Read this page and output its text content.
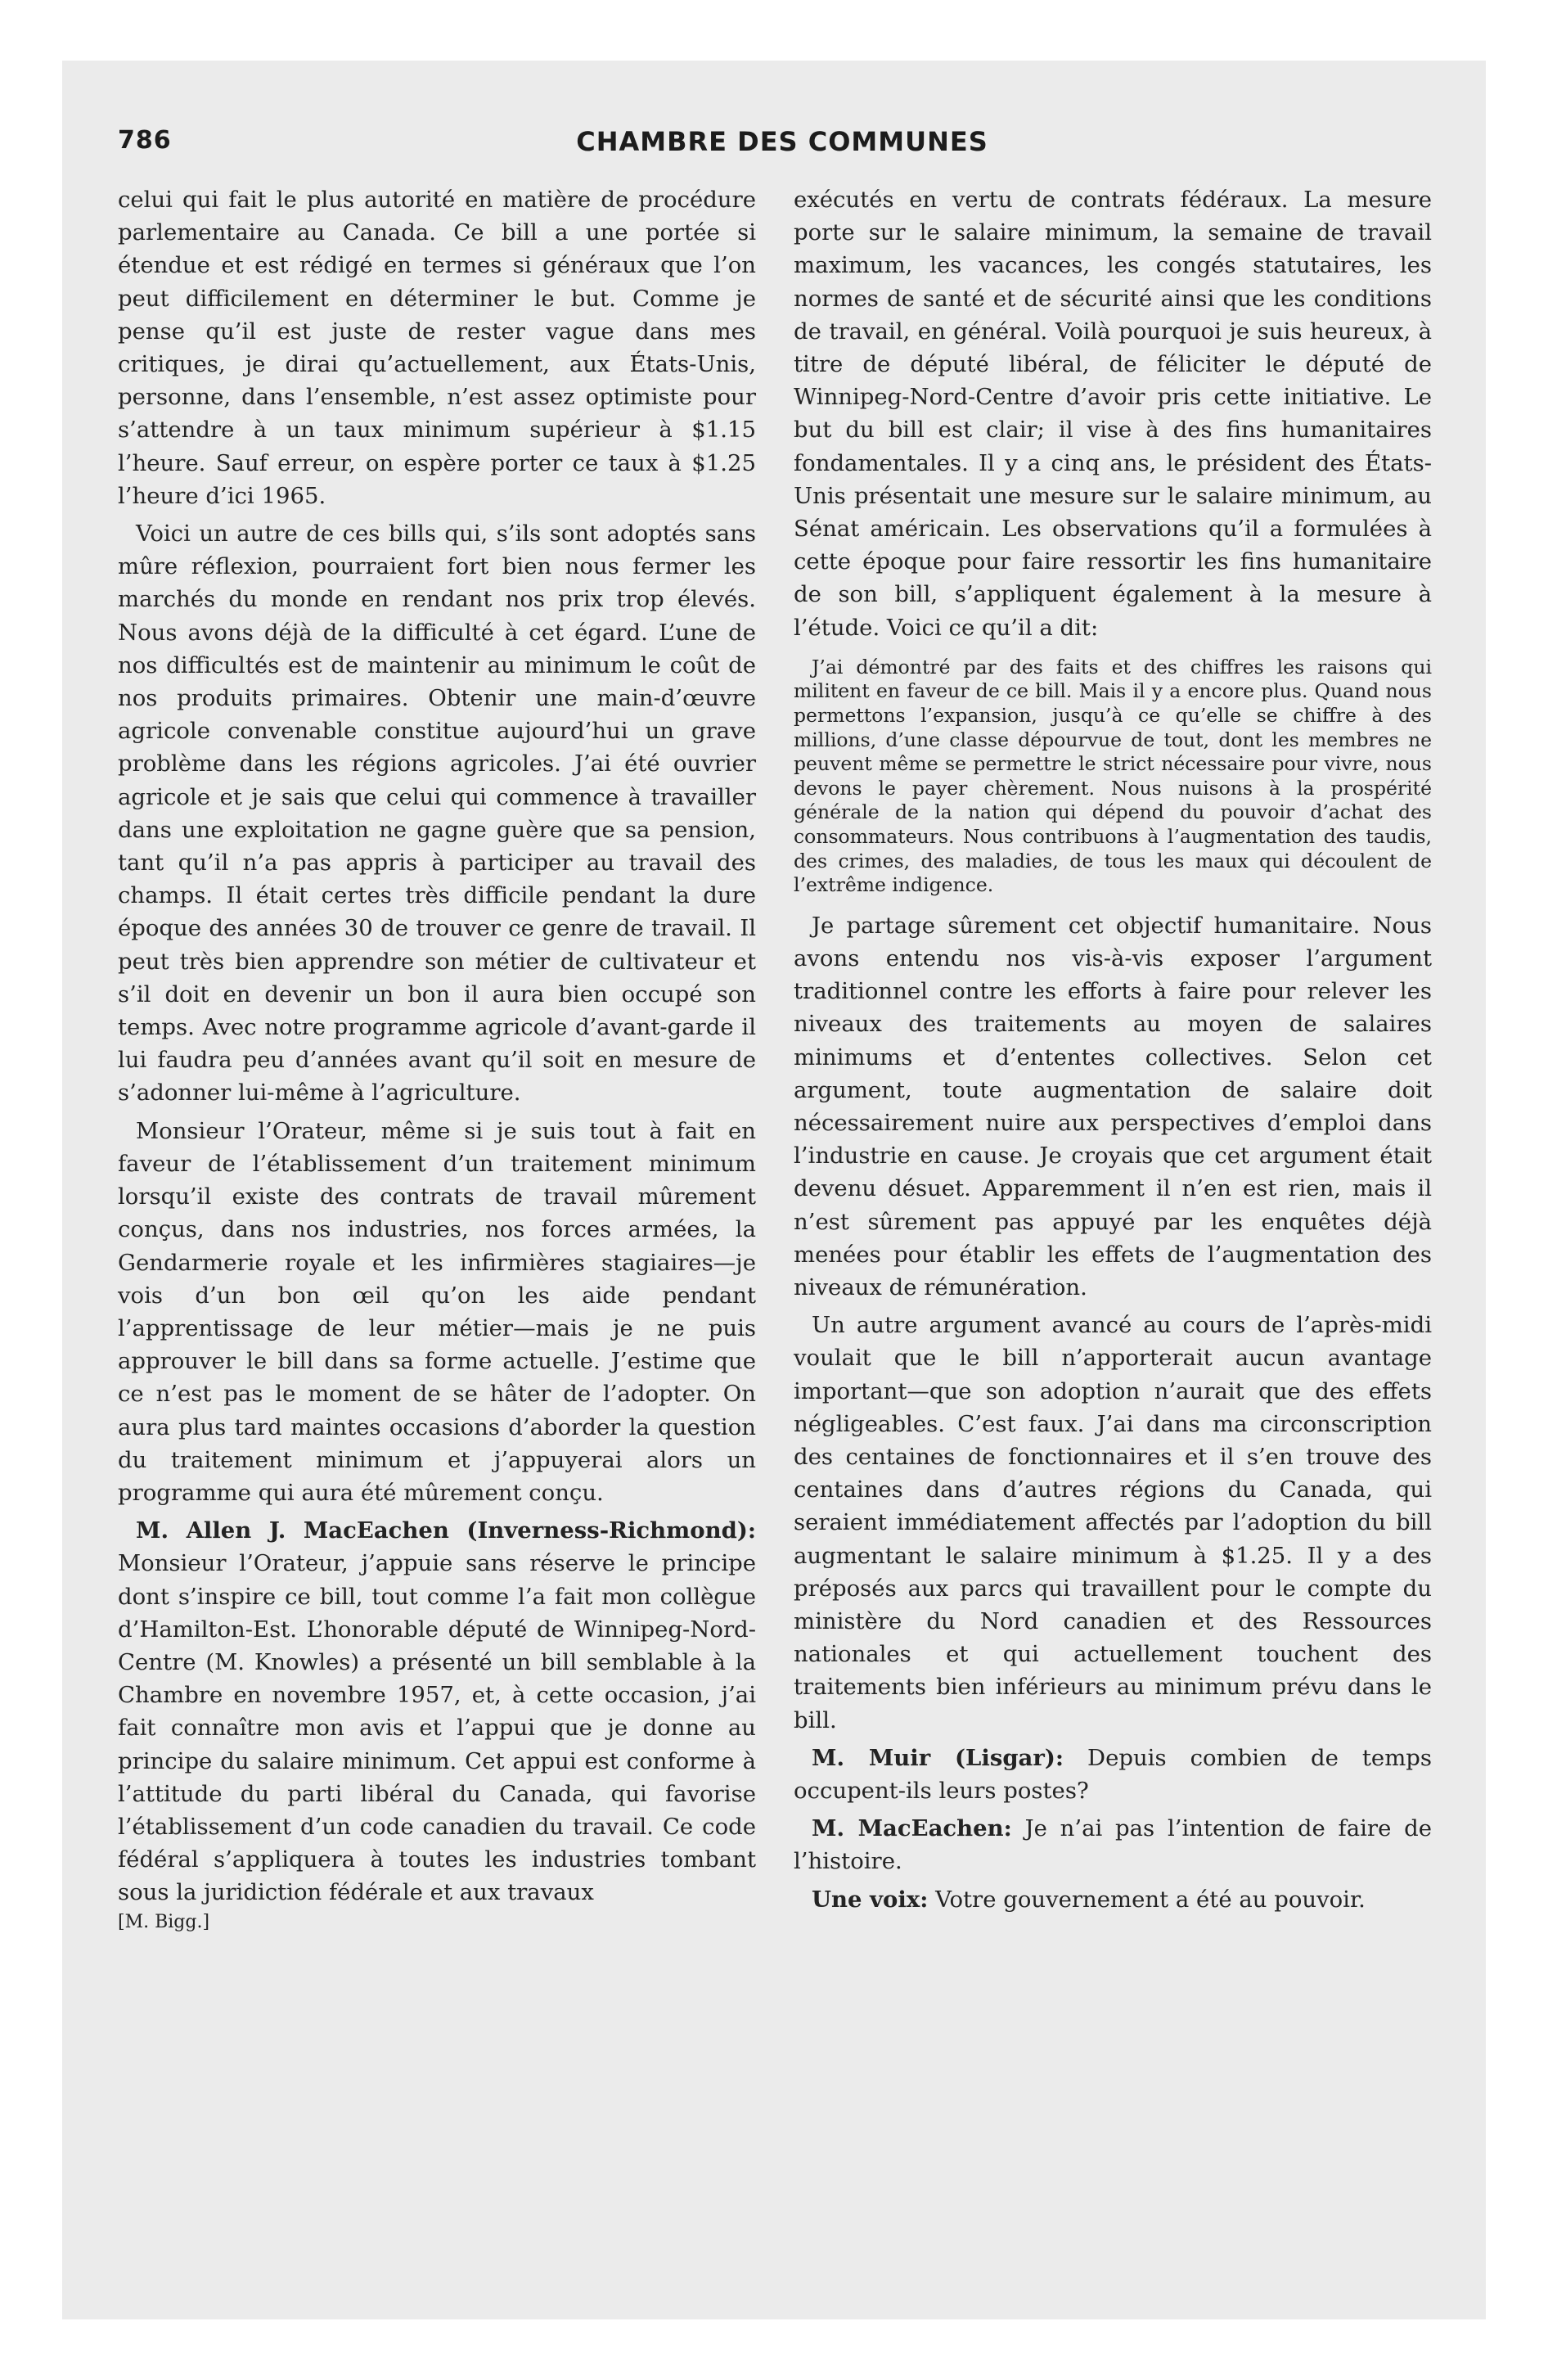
786	CHAMBRE DES COMMUNES

celui qui fait le plus autorité en matière de procédure parlementaire au Canada. Ce bill a une portée si étendue et est rédigé en termes si généraux que l’on peut difficilement en déterminer le but. Comme je pense qu’il est juste de rester vague dans mes critiques, je dirai qu’actuellement, aux États-Unis, personne, dans l’ensemble, n’est assez optimiste pour s’attendre à un taux minimum supérieur à $1.15 l’heure. Sauf erreur, on espère porter ce taux à $1.25 l’heure d’ici 1965.

Voici un autre de ces bills qui, s’ils sont adoptés sans mûre réflexion, pourraient fort bien nous fermer les marchés du monde en rendant nos prix trop élevés. Nous avons déjà de la difficulté à cet égard. L’une de nos difficultés est de maintenir au minimum le coût de nos produits primaires. Obtenir une main-d’œuvre agricole convenable constitue aujourd’hui un grave problème dans les régions agricoles. J’ai été ouvrier agricole et je sais que celui qui commence à travailler dans une exploitation ne gagne guère que sa pension, tant qu’il n’a pas appris à participer au travail des champs. Il était certes très difficile pendant la dure époque des années 30 de trouver ce genre de travail. Il peut très bien apprendre son métier de cultivateur et s’il doit en devenir un bon il aura bien occupé son temps. Avec notre programme agricole d’avant-garde il lui faudra peu d’années avant qu’il soit en mesure de s’adonner lui-même à l’agriculture.

Monsieur l’Orateur, même si je suis tout à fait en faveur de l’établissement d’un traitement minimum lorsqu’il existe des contrats de travail mûrement conçus, dans nos industries, nos forces armées, la Gendarmerie royale et les infirmières stagiaires—je vois d’un bon œil qu’on les aide pendant l’apprentissage de leur métier—mais je ne puis approuver le bill dans sa forme actuelle. J’estime que ce n’est pas le moment de se hâter de l’adopter. On aura plus tard maintes occasions d’aborder la question du traitement minimum et j’appuyerai alors un programme qui aura été mûrement conçu.

M. Allen J. MacEachen (Inverness-Richmond): Monsieur l’Orateur, j’appuie sans réserve le principe dont s’inspire ce bill, tout comme l’a fait mon collègue d’Hamilton-Est. L’honorable député de Winnipeg-Nord-Centre (M. Knowles) a présenté un bill semblable à la Chambre en novembre 1957, et, à cette occasion, j’ai fait connaître mon avis et l’appui que je donne au principe du salaire minimum. Cet appui est conforme à l’attitude du parti libéral du Canada, qui favorise l’établissement d’un code canadien du travail. Ce code fédéral s’appliquera à toutes les industries tombant sous la juridiction fédérale et aux travaux

[M. Bigg.]

exécutés en vertu de contrats fédéraux. La mesure porte sur le salaire minimum, la semaine de travail maximum, les vacances, les congés statutaires, les normes de santé et de sécurité ainsi que les conditions de travail, en général. Voilà pourquoi je suis heureux, à titre de député libéral, de féliciter le député de Winnipeg-Nord-Centre d’avoir pris cette initiative. Le but du bill est clair; il vise à des fins humanitaires fondamentales. Il y a cinq ans, le président des États-Unis présentait une mesure sur le salaire minimum, au Sénat américain. Les observations qu’il a formulées à cette époque pour faire ressortir les fins humanitaire de son bill, s’appliquent également à la mesure à l’étude. Voici ce qu’il a dit:

J’ai démontré par des faits et des chiffres les raisons qui militent en faveur de ce bill. Mais il y a encore plus. Quand nous permettons l’expansion, jusqu’à ce qu’elle se chiffre à des millions, d’une classe dépourvue de tout, dont les membres ne peuvent même se permettre le strict nécessaire pour vivre, nous devons le payer chèrement. Nous nuisons à la prospérité générale de la nation qui dépend du pouvoir d’achat des consommateurs. Nous contribuons à l’augmentation des taudis, des crimes, des maladies, de tous les maux qui découlent de l’extrême indigence.

Je partage sûrement cet objectif humanitaire. Nous avons entendu nos vis-à-vis exposer l’argument traditionnel contre les efforts à faire pour relever les niveaux des traitements au moyen de salaires minimums et d’ententes collectives. Selon cet argument, toute augmentation de salaire doit nécessairement nuire aux perspectives d’emploi dans l’industrie en cause. Je croyais que cet argument était devenu désuet. Apparemment il n’en est rien, mais il n’est sûrement pas appuyé par les enquêtes déjà menées pour établir les effets de l’augmentation des niveaux de rémunération.

Un autre argument avancé au cours de l’après-midi voulait que le bill n’apporterait aucun avantage important—que son adoption n’aurait que des effets négligeables. C’est faux. J’ai dans ma circonscription des centaines de fonctionnaires et il s’en trouve des centaines dans d’autres régions du Canada, qui seraient immédiatement affectés par l’adoption du bill augmentant le salaire minimum à $1.25. Il y a des préposés aux parcs qui travaillent pour le compte du ministère du Nord canadien et des Ressources nationales et qui actuellement touchent des traitements bien inférieurs au minimum prévu dans le bill.

M. Muir (Lisgar): Depuis combien de temps occupent-ils leurs postes?

M. MacEachen: Je n’ai pas l’intention de faire de l’histoire.

Une voix: Votre gouvernement a été au pouvoir.
